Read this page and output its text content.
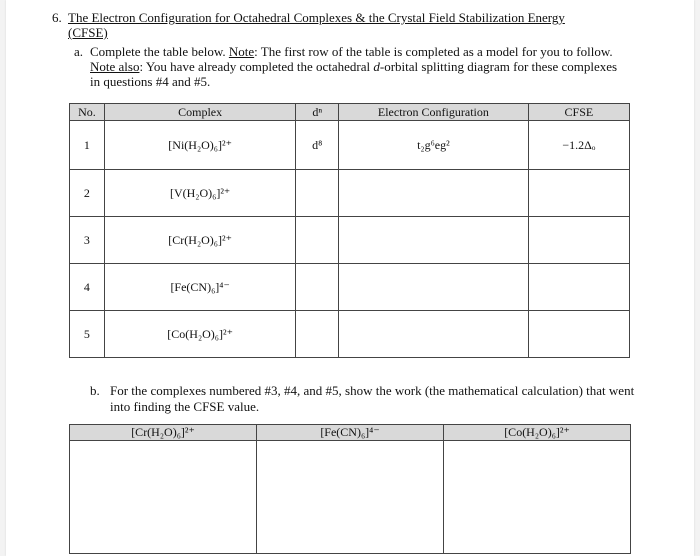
6. The Electron Configuration for Octahedral Complexes & the Crystal Field Stabilization Energy
(CFSE)
a. Complete the table below. Note: The first row of the table is completed as a model for you to follow. Note also: You have already completed the octahedral d-orbital splitting diagram for these complexes in questions #4 and #5.
No.	Complex	dⁿ	Electron Configuration	CFSE
1	[Ni(H₂O)₆]²⁺	d⁸	t₂g⁶eg²	−1.2Δₒ
2	[V(H₂O)₆]²⁺			
3	[Cr(H₂O)₆]²⁺			
4	[Fe(CN)₆]⁴⁻			
5	[Co(H₂O)₆]²⁺			
b. For the complexes numbered #3, #4, and #5, show the work (the mathematical calculation) that went into finding the CFSE value.
[Cr(H₂O)₆]²⁺	[Fe(CN)₆]⁴⁻	[Co(H₂O)₆]²⁺
